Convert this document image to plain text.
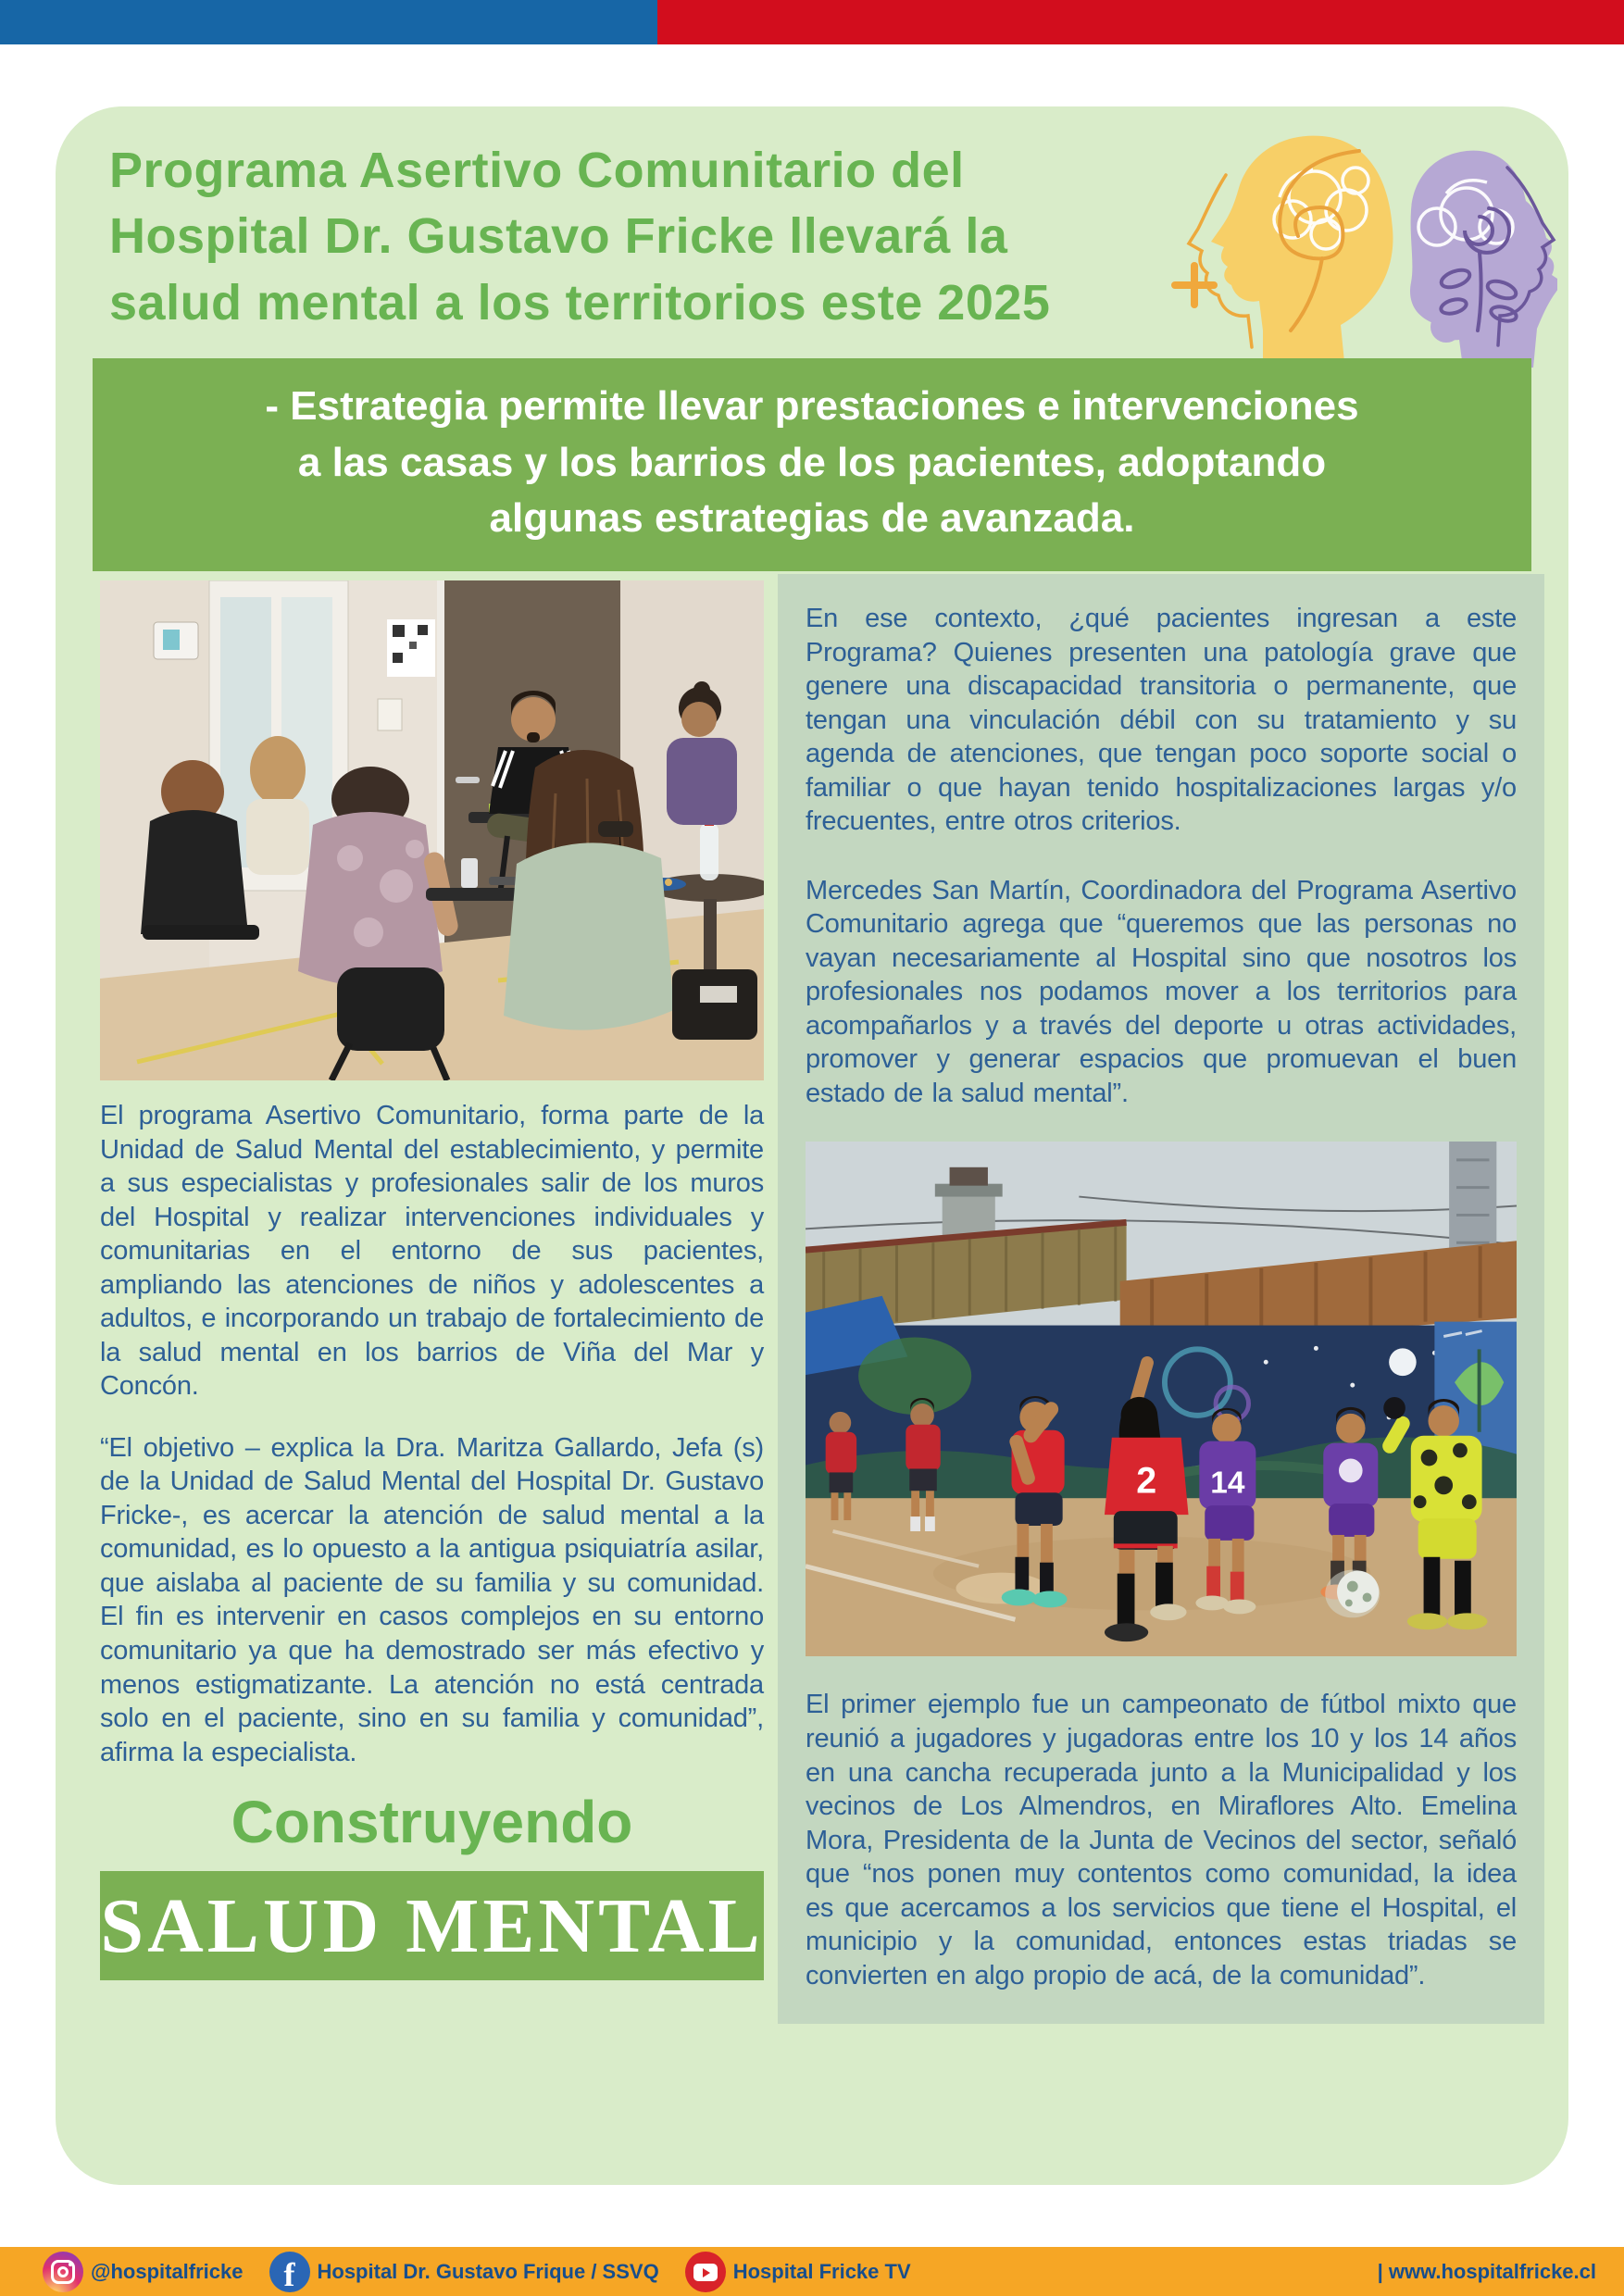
Programa Asertivo Comunitario del
Hospital Dr. Gustavo Fricke llevará la
salud mental a los territorios este 2025
- Estrategia permite llevar prestaciones e intervenciones
a las casas y los barrios de los pacientes, adoptando
algunas estrategias de avanzada.

El programa Asertivo Comunitario, forma parte de la Unidad de Salud Mental del establecimiento, y permite a sus especialistas y profesionales salir de los muros del Hospital y realizar intervenciones individuales y comunitarias en el entorno de sus pacientes, ampliando las atenciones de niños y adolescentes a adultos, e incorporando un trabajo de fortalecimiento de la salud mental en los barrios de Viña del Mar y Concón.

“El objetivo – explica la Dra. Maritza Gallardo, Jefa (s) de la Unidad de Salud Mental del Hospital Dr. Gustavo Fricke-, es acercar la atención de salud mental a la comunidad, es lo opuesto a la antigua psiquiatría asilar, que aislaba al paciente de su familia y su comunidad. El fin es intervenir en casos complejos en su entorno comunitario ya que ha demostrado ser más efectivo y menos estigmatizante. La atención no está centrada solo en el paciente, sino en su familia y comunidad”, afirma la especialista.

Construyendo
SALUD MENTAL

En ese contexto, ¿qué pacientes ingresan a este Programa? Quienes presenten una patología grave que genere una discapacidad transitoria o permanente, que tengan una vinculación débil con su tratamiento y su agenda de atenciones, que tengan poco soporte social o familiar o que hayan tenido hospitalizaciones largas y/o frecuentes, entre otros criterios.

Mercedes San Martín, Coordinadora del Programa Asertivo Comunitario agrega que “queremos que las personas no vayan necesariamente al Hospital sino que nosotros los profesionales nos podamos mover a los territorios para acompañarlos y a través del deporte u otras actividades, promover y generar espacios que promuevan el buen estado de la salud mental”.

2 14

El primer ejemplo fue un campeonato de fútbol mixto que reunió a jugadores y jugadoras entre los 10 y los 14 años en una cancha recuperada junto a la Municipalidad y los vecinos de Los Almendros, en Miraflores Alto. Emelina Mora, Presidenta de la Junta de Vecinos del sector, señaló que “nos ponen muy contentos como comunidad, la idea es que acercamos a los servicios que tiene el Hospital, el municipio y la comunidad, entonces estas triadas se convierten en algo propio de acá, de la comunidad”.

@hospitalfricke	f	Hospital Dr. Gustavo Frique / SSVQ	Hospital Fricke TV	| www.hospitalfricke.cl
